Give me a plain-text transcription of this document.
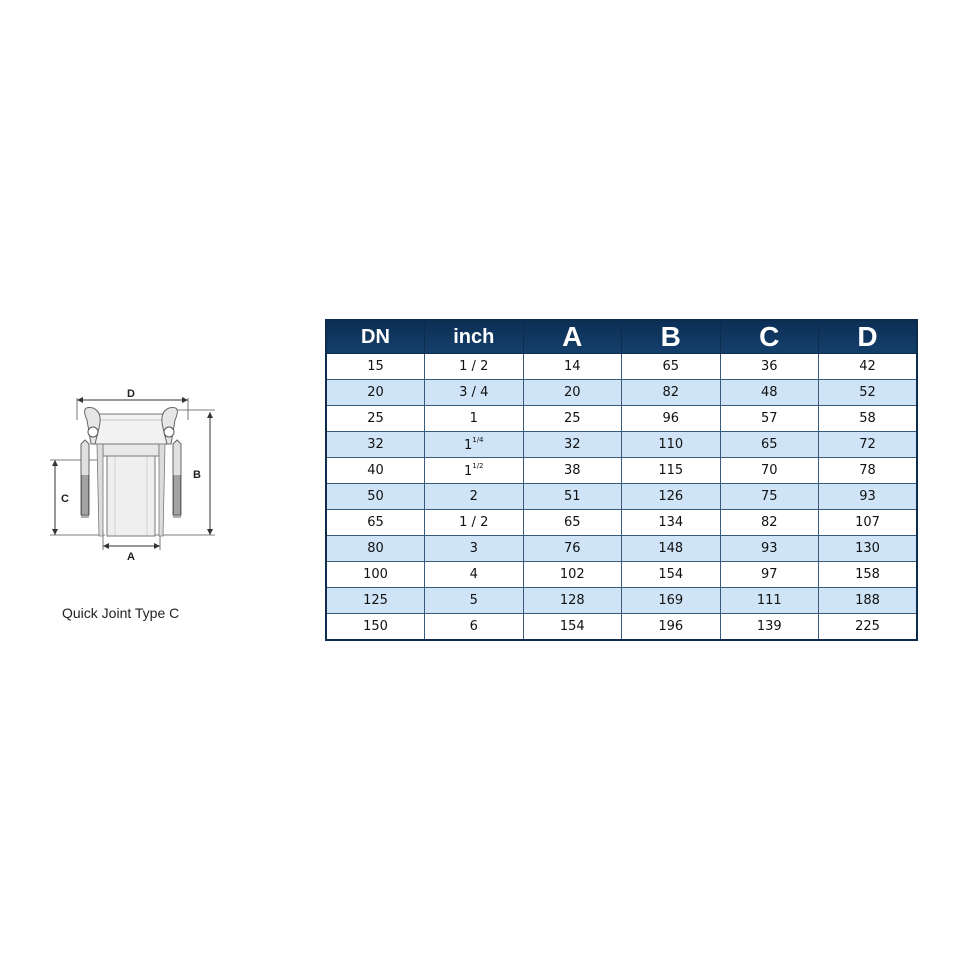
D
B
C
A
Quick Joint Type C
DN	inch	A	B	C	D
15	1 / 2	14	65	36	42
20	3 / 4	20	82	48	52
25	1	25	96	57	58
32	$1^{1/4}$	32	110	65	72
40	$1^{1/2}$	38	115	70	78
50	2	51	126	75	93
65	1 / 2	65	134	82	107
80	3	76	148	93	130
100	4	102	154	97	158
125	5	128	169	111	188
150	6	154	196	139	225
